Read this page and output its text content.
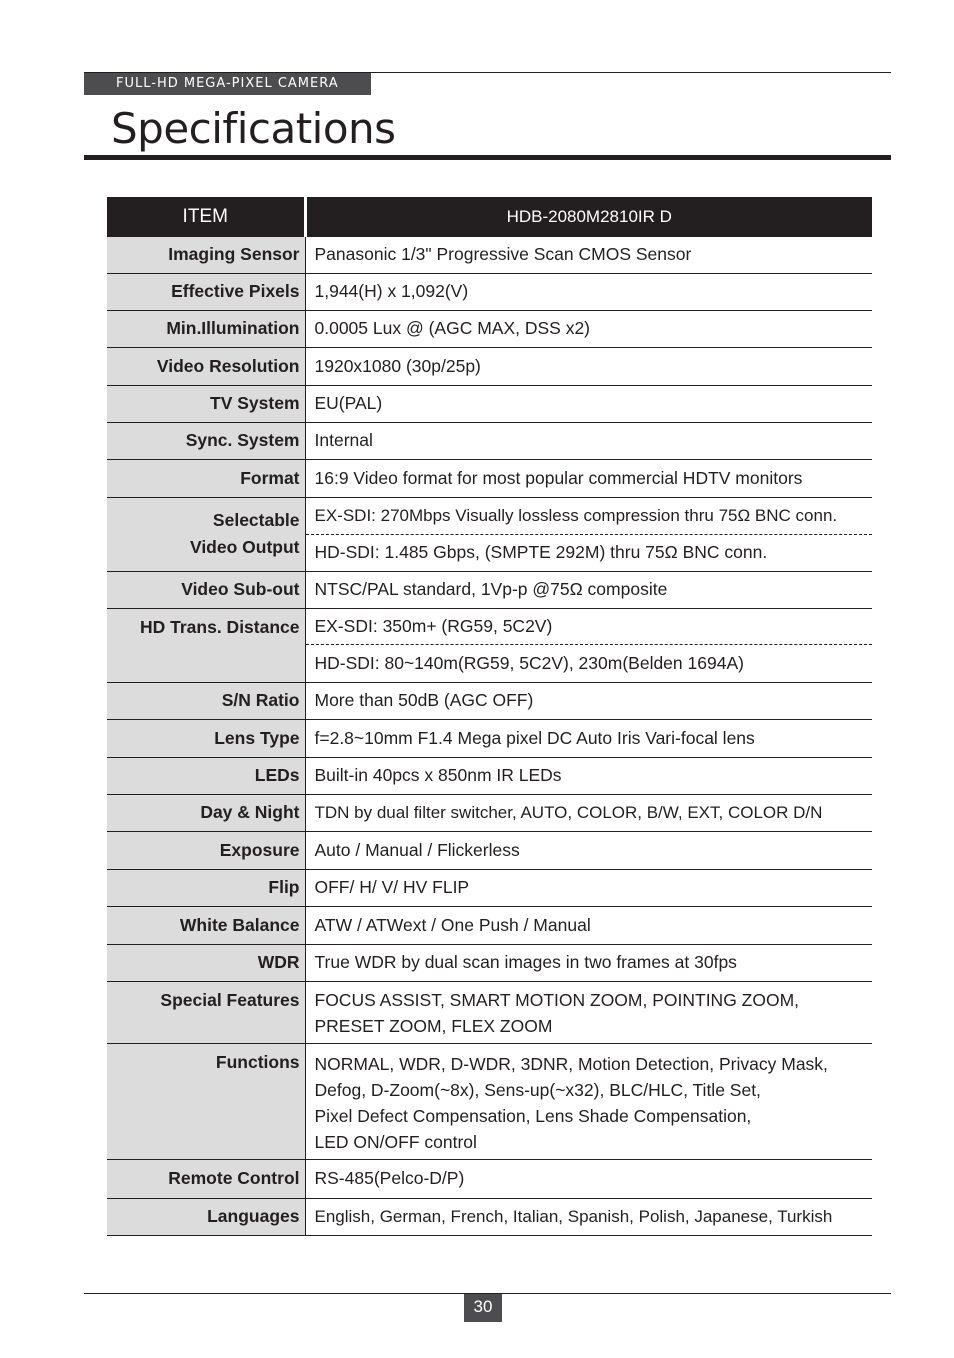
FULL-HD MEGA-PIXEL CAMERA
Specifications
ITEM	HDB-2080M2810IR D
Imaging Sensor	Panasonic 1/3" Progressive Scan CMOS Sensor
Effective Pixels	1,944(H) x 1,092(V)
Min.Illumination	0.0005 Lux @ (AGC MAX, DSS x2)
Video Resolution	1920x1080 (30p/25p)
TV System	EU(PAL)
Sync. System	Internal
Format	16:9 Video format for most popular commercial HDTV monitors

Selectable
Video Output	EX-SDI: 270Mbps Visually lossless compression thru 75Ω BNC conn.
	HD-SDI: 1.485 Gbps, (SMPTE 292M) thru 75Ω BNC conn.
Video Sub-out	NTSC/PAL standard, 1Vp-p @75Ω composite
HD Trans. Distance	EX-SDI: 350m+ (RG59, 5C2V)
	HD-SDI: 80~140m(RG59, 5C2V), 230m(Belden 1694A)
S/N Ratio	More than 50dB (AGC OFF)
Lens Type	f=2.8~10mm F1.4 Mega pixel DC Auto Iris Vari-focal lens
LEDs	Built-in 40pcs x 850nm IR LEDs
Day & Night	TDN by dual filter switcher, AUTO, COLOR, B/W, EXT, COLOR D/N
Exposure	Auto / Manual / Flickerless
Flip	OFF/ H/ V/ HV FLIP
White Balance	ATW / ATWext / One Push / Manual
WDR	True WDR by dual scan images in two frames at 30fps
Special Features	FOCUS ASSIST, SMART MOTION ZOOM, POINTING ZOOM,
PRESET ZOOM, FLEX ZOOM

Functions	NORMAL, WDR, D-WDR, 3DNR, Motion Detection, Privacy Mask,
Defog, D-Zoom(~8x), Sens-up(~x32), BLC/HLC, Title Set,
Pixel Defect Compensation, Lens Shade Compensation,
LED ON/OFF control

Remote Control	RS-485(Pelco-D/P)
Languages	English, German, French, Italian, Spanish, Polish, Japanese, Turkish
30
